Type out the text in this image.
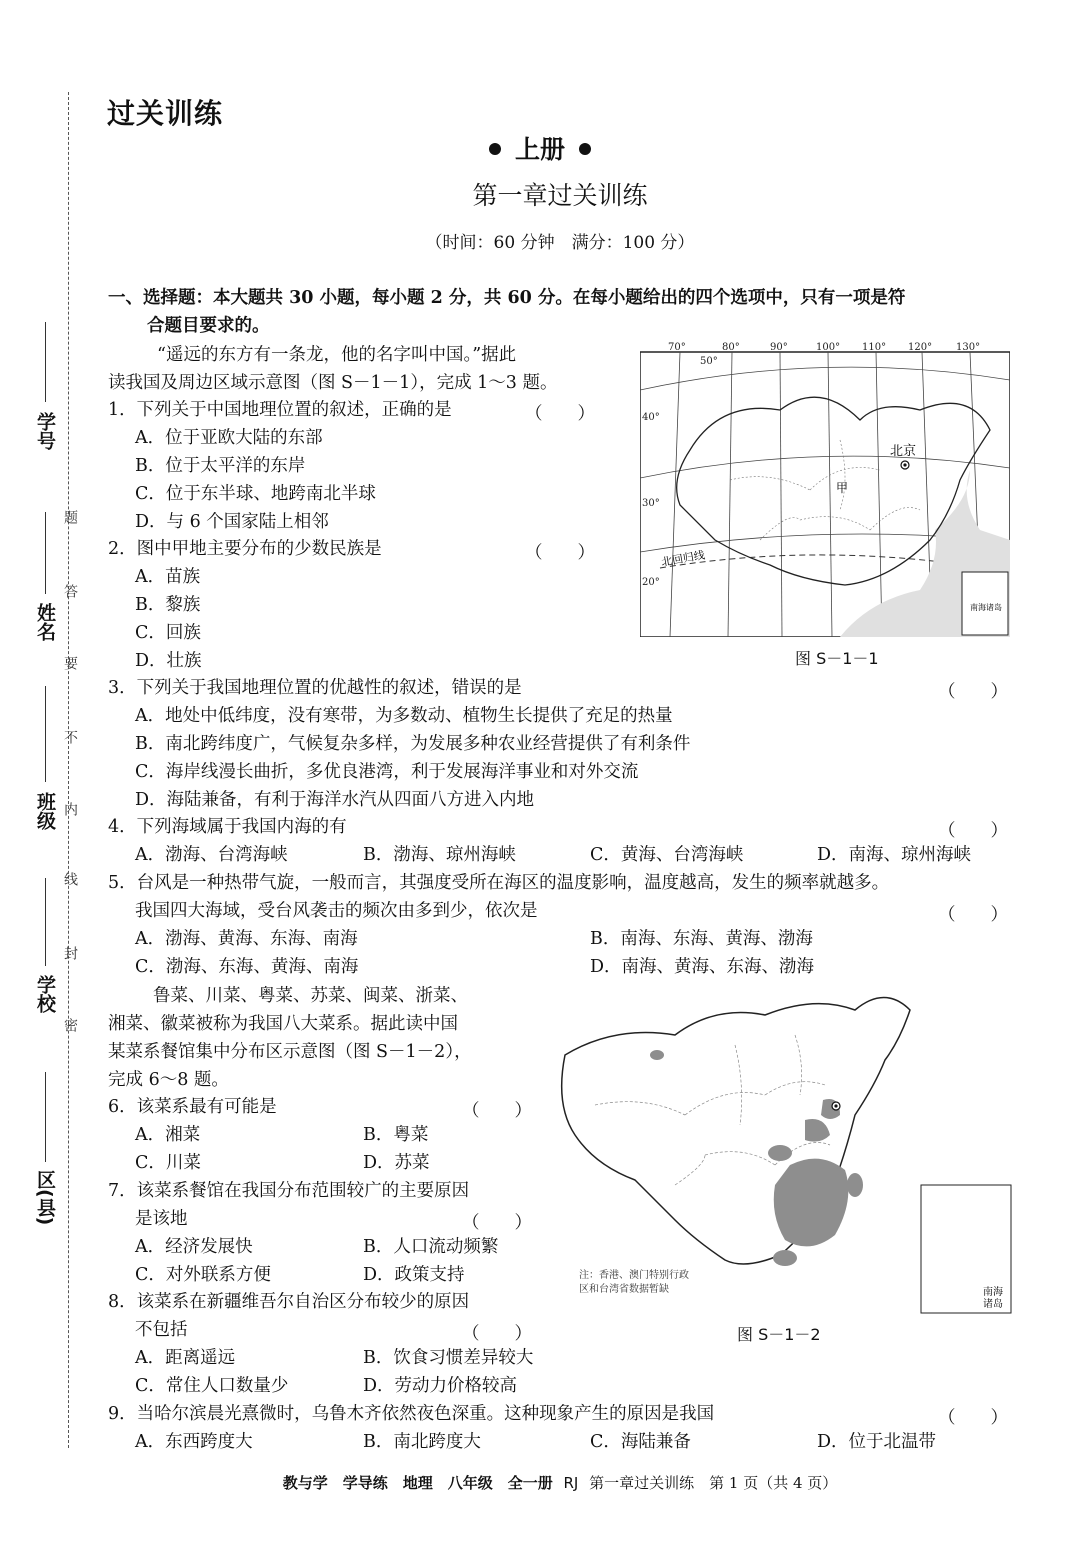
过关训练
上册
第一章过关训练
（时间：60 分钟　满分：100 分）
学号
姓名
班级
学校
区(县)
题
答
要
不
内
线
封
密
一、选择题：本大题共 30 小题，每小题 2 分，共 60 分。在每小题给出的四个选项中，只有一项是符
合题目要求的。
“遥远的东方有一条龙，他的名字叫中国。”据此
读我国及周边区域示意图（图 S－1－1），完成 1～3 题。
1．下列关于中国地理位置的叙述，正确的是	（　　）
A．位于亚欧大陆的东部
B．位于太平洋的东岸
C．位于东半球、地跨南北半球
D．与 6 个国家陆上相邻
2．图中甲地主要分布的少数民族是	（　　）
A．苗族
B．黎族
C．回族
D．壮族
70°	80°	90°	100° 110° 120° 130°
50°
40°
30°
20°
北京
甲
北回归线
南海诸岛
图 S－1－1
3．下列关于我国地理位置的优越性的叙述，错误的是	（　　）
A．地处中低纬度，没有寒带，为多数动、植物生长提供了充足的热量
B．南北跨纬度广，气候复杂多样，为发展多种农业经营提供了有利条件
C．海岸线漫长曲折，多优良港湾，利于发展海洋事业和对外交流
D．海陆兼备，有利于海洋水汽从四面八方进入内地
4．下列海域属于我国内海的有	（　　）
A．渤海、台湾海峡	B．渤海、琼州海峡	C．黄海、台湾海峡	D．南海、琼州海峡
5．台风是一种热带气旋，一般而言，其强度受所在海区的温度影响，温度越高，发生的频率就越多。
我国四大海域，受台风袭击的频次由多到少，依次是	（　　）
A．渤海、黄海、东海、南海	B．南海、东海、黄海、渤海
C．渤海、东海、黄海、南海	D．南海、黄海、东海、渤海
鲁菜、川菜、粤菜、苏菜、闽菜、浙菜、
湘菜、徽菜被称为我国八大菜系。据此读中国
某菜系餐馆集中分布区示意图（图 S－1－2），
完成 6～8 题。
6．该菜系最有可能是	（　　）
A．湘菜	B．粤菜
C．川菜	D．苏菜
7．该菜系餐馆在我国分布范围较广的主要原因
是该地	（　　）
A．经济发展快	B．人口流动频繁
C．对外联系方便	D．政策支持	注：香港、澳门特别行政
区和台湾省数据暂缺	南海
诸岛
图 S－1－2
8．该菜系在新疆维吾尔自治区分布较少的原因
不包括	（　　）
A．距离遥远	B．饮食习惯差异较大
C．常住人口数量少	D．劳动力价格较高
9．当哈尔滨晨光熹微时，乌鲁木齐依然夜色深重。这种现象产生的原因是我国	（　　）
A．东西跨度大	B．南北跨度大	C．海陆兼备	D．位于北温带
教与学　学导练　地理　八年级　全一册 RJ 第一章过关训练　第 1 页（共 4 页）
